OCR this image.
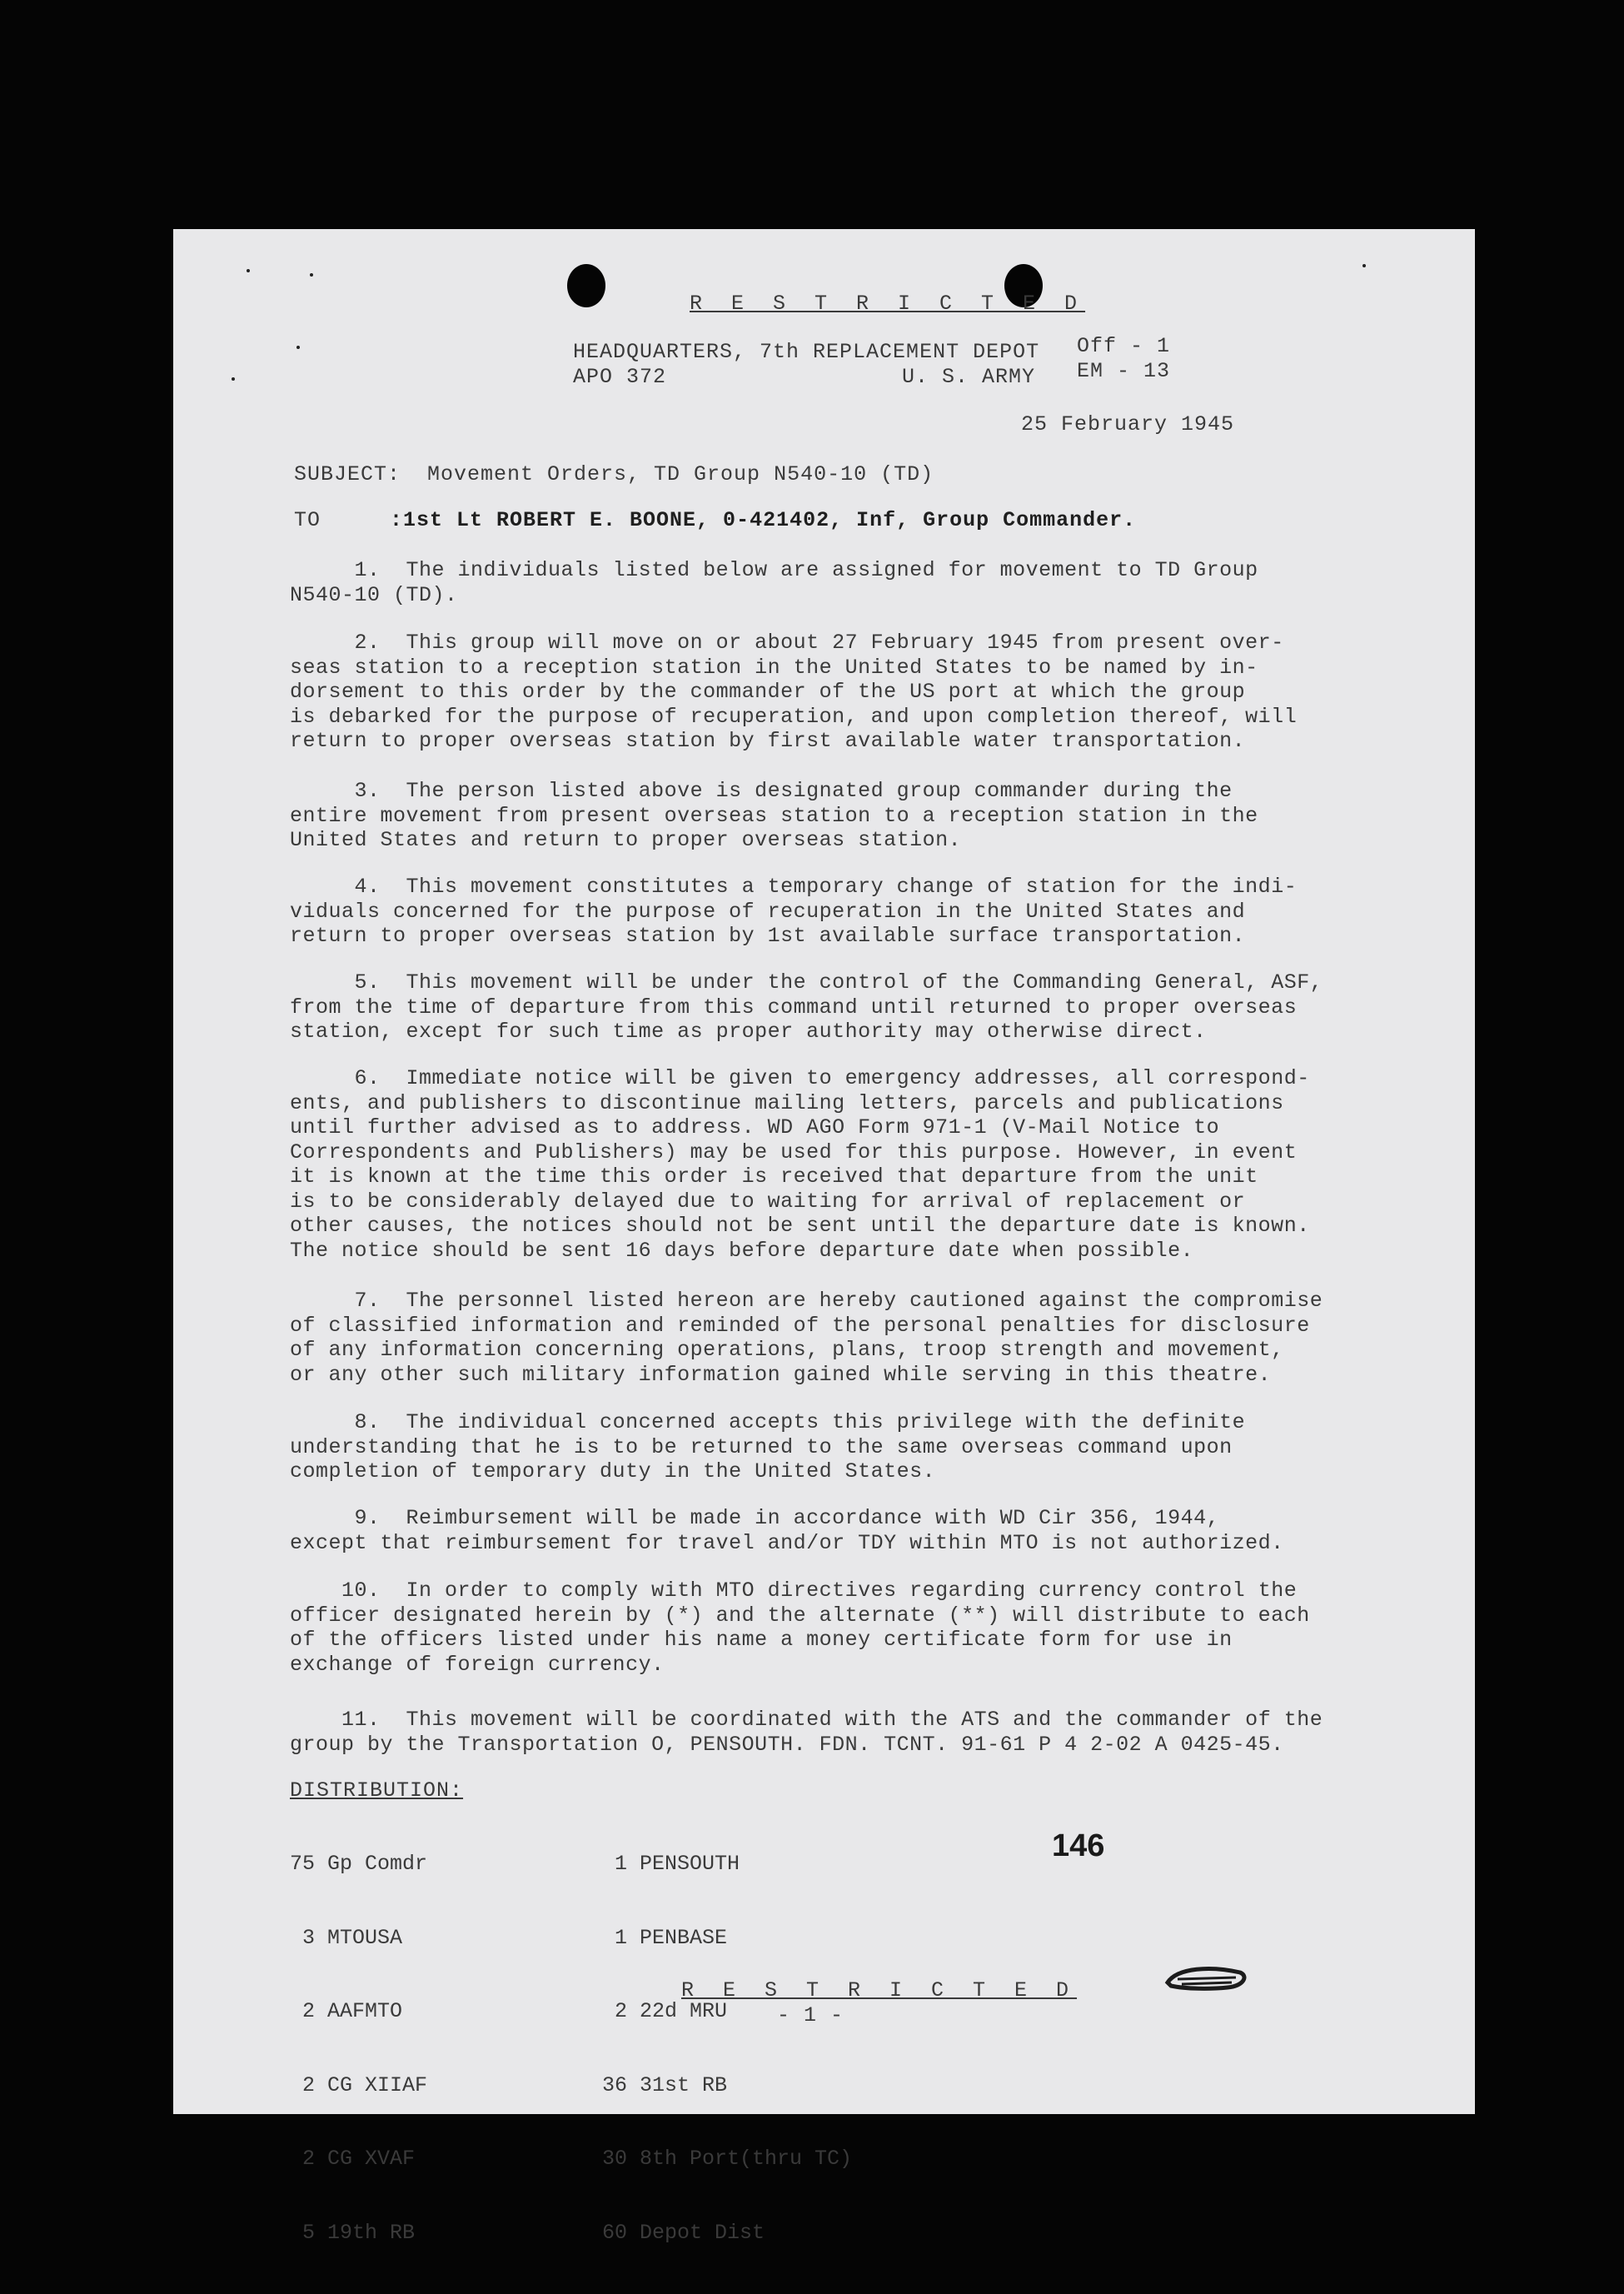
R E S T R I C T E D
HEADQUARTERS, 7th REPLACEMENT DEPOT
APO 372	U. S. ARMY
Off - 1
EM - 13
25 February 1945
SUBJECT: Movement Orders, TD Group N540-10 (TD)
TO	:1st Lt ROBERT E. BOONE, 0-421402, Inf, Group Commander.
1.  The individuals listed below are assigned for movement to TD Group
N540-10 (TD).
2.  This group will move on or about 27 February 1945 from present over-
seas station to a reception station in the United States to be named by in-
dorsement to this order by the commander of the US port at which the group
is debarked for the purpose of recuperation, and upon completion thereof, will
return to proper overseas station by first available water transportation.
3.  The person listed above is designated group commander during the
entire movement from present overseas station to a reception station in the
United States and return to proper overseas station.
4.  This movement constitutes a temporary change of station for the indi-
viduals concerned for the purpose of recuperation in the United States and
return to proper overseas station by 1st available surface transportation.
5.  This movement will be under the control of the Commanding General, ASF,
from the time of departure from this command until returned to proper overseas
station, except for such time as proper authority may otherwise direct.
6.  Immediate notice will be given to emergency addresses, all correspond-
ents, and publishers to discontinue mailing letters, parcels and publications
until further advised as to address. WD AGO Form 971-1 (V-Mail Notice to
Correspondents and Publishers) may be used for this purpose. However, in event
it is known at the time this order is received that departure from the unit
is to be considerably delayed due to waiting for arrival of replacement or
other causes, the notices should not be sent until the departure date is known.
The notice should be sent 16 days before departure date when possible.
7.  The personnel listed hereon are hereby cautioned against the compromise
of classified information and reminded of the personal penalties for disclosure
of any information concerning operations, plans, troop strength and movement,
or any other such military information gained while serving in this theatre.
8.  The individual concerned accepts this privilege with the definite
understanding that he is to be returned to the same overseas command upon
completion of temporary duty in the United States.
9.  Reimbursement will be made in accordance with WD Cir 356, 1944,
except that reimbursement for travel and/or TDY within MTO is not authorized.
10.  In order to comply with MTO directives regarding currency control the
officer designated herein by (*) and the alternate (**) will distribute to each
of the officers listed under his name a money certificate form for use in
exchange of foreign currency.
11.  This movement will be coordinated with the ATS and the commander of the
group by the Transportation O, PENSOUTH. FDN. TCNT. 91-61 P 4 2-02 A 0425-45.
DISTRIBUTION:

75 Gp Comdr

3 MTOUSA

2 AAFMTO

2 CG XIIAF

2 CG XVAF

5 19th RB

1 PENSOUTH

1 PENBASE

2 22d MRU

36 31st RB

30 8th Port(thru TC)

60 Depot Dist

146
R E S T R I C T E D
- 1 -
